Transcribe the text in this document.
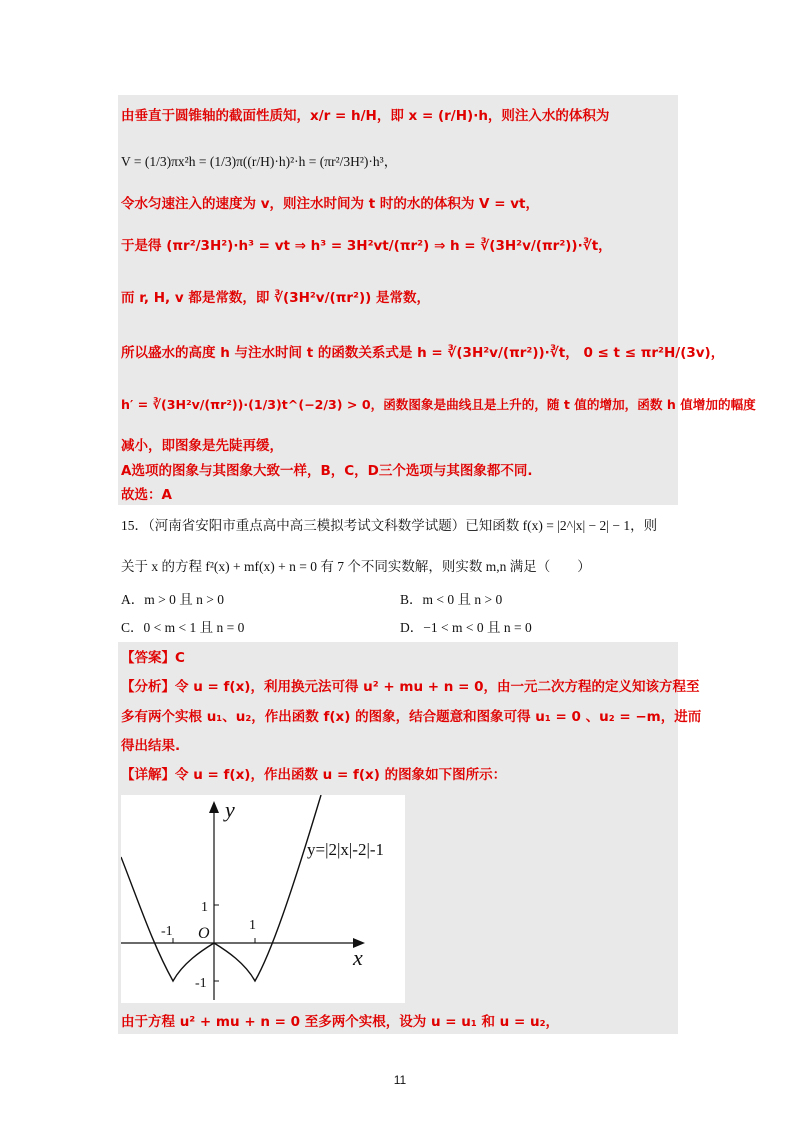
由垂直于圆锥轴的截面性质知，x/r = h/H，即 x = (r/H)·h，则注入水的体积为
V = (1/3)πx²h = (1/3)π((r/H)·h)²·h = (πr²/3H²)·h³，
令水匀速注入的速度为 v，则注水时间为 t 时的水的体积为 V = vt，
于是得 (πr²/3H²)·h³ = vt ⇒ h³ = 3H²vt/(πr²) ⇒ h = ∛(3H²v/(πr²))·∛t，
而 r, H, v 都是常数，即 ∛(3H²v/(πr²)) 是常数，
所以盛水的高度 h 与注水时间 t 的函数关系式是 h = ∛(3H²v/(πr²))·∛t， 0 ≤ t ≤ πr²H/(3v)，
h′ = ∛(3H²v/(πr²))·(1/3)t^(−2/3) > 0，函数图象是曲线且是上升的，随 t 值的增加，函数 h 值增加的幅度
减小，即图象是先陡再缓，
A选项的图象与其图象大致一样，B，C，D三个选项与其图象都不同.
故选：A
15．（河南省安阳市重点高中高三模拟考试文科数学试题）已知函数 f(x) = |2^|x| − 2| − 1，则
关于 x 的方程 f²(x) + mf(x) + n = 0 有 7 个不同实数解，则实数 m,n 满足（　　）
A．m > 0 且 n > 0	B．m < 0 且 n > 0
C．0 < m < 1 且 n = 0	D．−1 < m < 0 且 n = 0
【答案】C
【分析】令 u = f(x)，利用换元法可得 u² + mu + n = 0，由一元二次方程的定义知该方程至
多有两个实根 u₁、u₂，作出函数 f(x) 的图象，结合题意和图象可得 u₁ = 0 、u₂ = −m，进而
得出结果.
【详解】令 u = f(x)，作出函数 u = f(x) 的图象如下图所示：
y
x
O
-1	1
1
-1
y=|2|x|-2|-1
由于方程 u² + mu + n = 0 至多两个实根，设为 u = u₁ 和 u = u₂，
11
